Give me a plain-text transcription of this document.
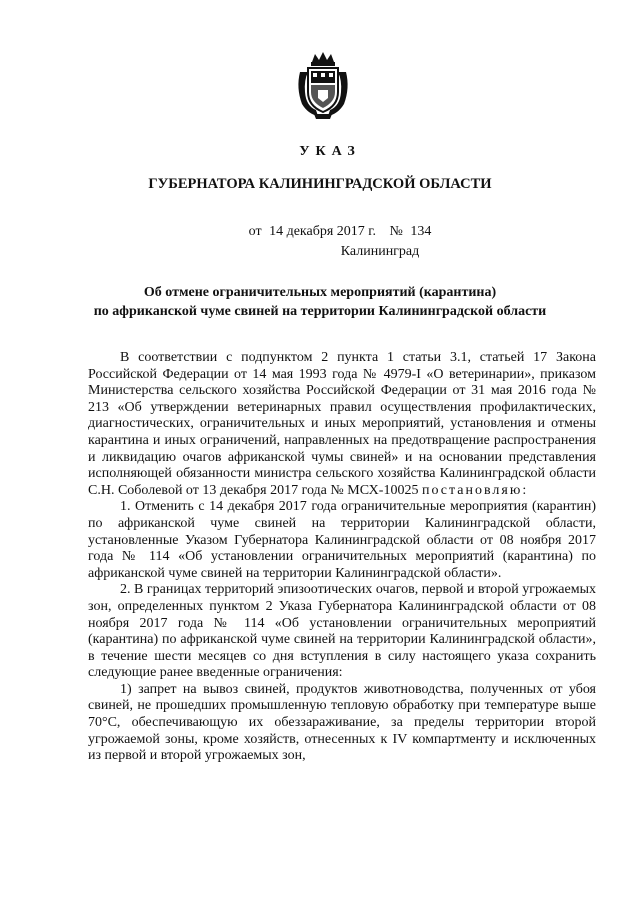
УКАЗ
ГУБЕРНАТОРА КАЛИНИНГРАДСКОЙ ОБЛАСТИ
от 14 декабря 2017 г. № 134
Калининград
Об отмене ограничительных мероприятий (карантина)
по африканской чуме свиней на территории Калининградской области

В соответствии с подпунктом 2 пункта 1 статьи 3.1, статьей 17 Закона Российской Федерации от 14 мая 1993 года № 4979-I «О ветеринарии», приказом Министерства сельского хозяйства Российской Федерации от 31 мая 2016 года № 213 «Об утверждении ветеринарных правил осуществления профилактических, диагностических, ограничительных и иных мероприятий, установления и отмены карантина и иных ограничений, направленных на предотвращение распространения и ликвидацию очагов африканской чумы свиней» и на основании представления исполняющей обязанности министра сельского хозяйства Калининградской области С.Н. Соболевой от 13 декабря 2017 года № МСХ-10025 постановляю:

1. Отменить с 14 декабря 2017 года ограничительные мероприятия (карантин) по африканской чуме свиней на территории Калининградской области, установленные Указом Губернатора Калининградской области от 08 ноября 2017 года № 114 «Об установлении ограничительных мероприятий (карантина) по африканской чуме свиней на территории Калининградской области».

2. В границах территорий эпизоотических очагов, первой и второй угрожаемых зон, определенных пунктом 2 Указа Губернатора Калининградской области от 08 ноября 2017 года № 114 «Об установлении ограничительных мероприятий (карантина) по африканской чуме свиней на территории Калининградской области», в течение шести месяцев со дня вступления в силу настоящего указа сохранить следующие ранее введенные ограничения:

1) запрет на вывоз свиней, продуктов животноводства, полученных от убоя свиней, не прошедших промышленную тепловую обработку при температуре выше 70°С, обеспечивающую их обеззараживание, за пределы территории второй угрожаемой зоны, кроме хозяйств, отнесенных к IV компартменту и исключенных из первой и второй угрожаемых зон,
